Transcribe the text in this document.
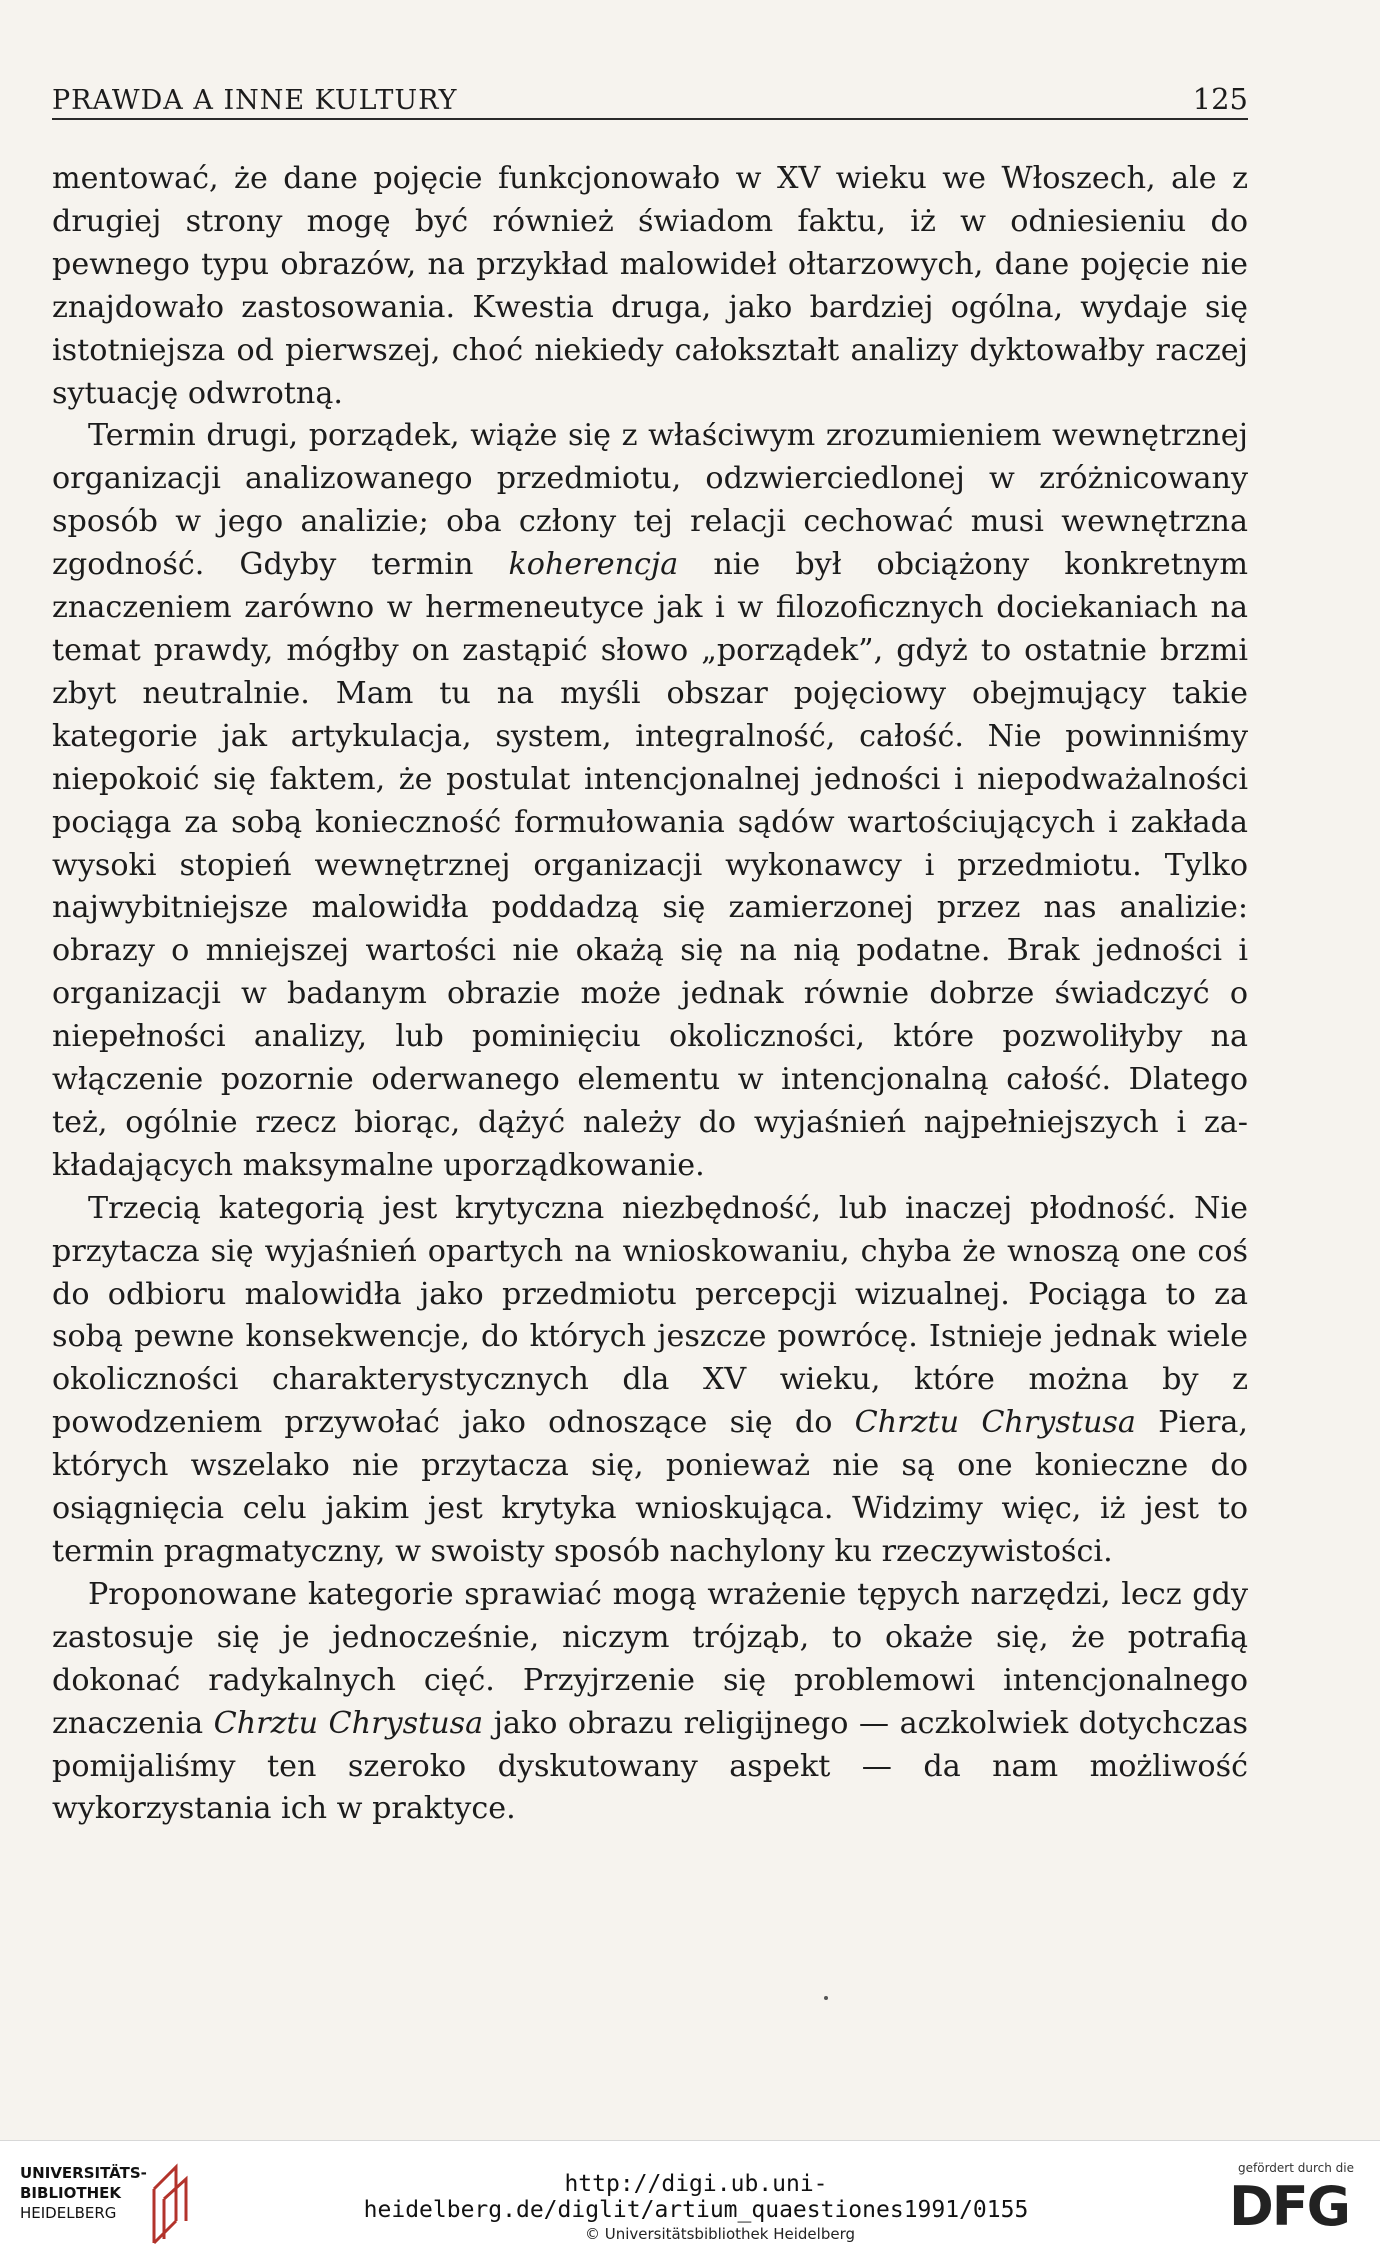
PRAWDA A INNE KULTURY	125

mentować, że dane pojęcie funkcjonowało w XV wieku we Włoszech, ale z drugiej strony mogę być również świadom faktu, iż w odniesieniu do pewnego typu obrazów, na przykład malowideł ołtarzowych, dane pojęcie nie znajdowało zastosowania. Kwestia druga, jako bardziej ogólna, wydaje się istotniejsza od pierwszej, choć niekiedy całokształt analizy dyktowałby raczej sytuację odwrotną.

Termin drugi, porządek, wiąże się z właściwym zrozumieniem wewnętrznej organizacji analizowanego przedmiotu, odzwierciedlonej w zróżnicowany sposób w jego analizie; oba człony tej relacji cechować musi wewnętrzna zgodność. Gdyby termin koherencja nie był obciążony konkretnym znaczeniem zarówno w hermeneutyce jak i w filozoficznych dociekaniach na temat prawdy, mógłby on zastąpić słowo „porządek”, gdyż to ostatnie brzmi zbyt neutralnie. Mam tu na myśli obszar pojęciowy obejmujący takie kategorie jak artykulacja, system, integralność, całość. Nie powinniśmy niepokoić się faktem, że postulat intencjonalnej jedności i niepodważalności pociąga za sobą konieczność formułowania sądów wartościujących i zakłada wysoki stopień wewnętrznej organizacji wykonawcy i przedmiotu. Tylko najwybitniejsze malowidła poddadzą się zamierzonej przez nas analizie: obrazy o mniejszej wartości nie okażą się na nią podatne. Brak jedności i organizacji w badanym obrazie może jednak równie dobrze świadczyć o niepełności analizy, lub pominięciu okoliczności, które pozwoliłyby na włączenie pozornie oderwanego elementu w intencjonalną całość. Dlatego też, ogólnie rzecz biorąc, dążyć należy do wyjaśnień najpełniejszych i zakładających maksymalne uporządkowanie.

Trzecią kategorią jest krytyczna niezbędność, lub inaczej płodność. Nie przytacza się wyjaśnień opartych na wnioskowaniu, chyba że wnoszą one coś do odbioru malowidła jako przedmiotu percepcji wizualnej. Pociąga to za sobą pewne konsekwencje, do których jeszcze powrócę. Istnieje jednak wiele okoliczności charakterystycznych dla XV wieku, które można by z powodzeniem przywołać jako odnoszące się do Chrztu Chrystusa Piera, których wszelako nie przytacza się, ponieważ nie są one konieczne do osiągnięcia celu jakim jest krytyka wnioskująca. Widzimy więc, iż jest to termin pragmatyczny, w swoisty sposób nachylony ku rzeczywistości.

Proponowane kategorie sprawiać mogą wrażenie tępych narzędzi, lecz gdy zastosuje się je jednocześnie, niczym trójząb, to okaże się, że potrafią dokonać radykalnych cięć. Przyjrzenie się problemowi intencjonalnego znaczenia Chrztu Chrystusa jako obrazu religijnego — aczkolwiek dotychczas pomijaliśmy ten szeroko dyskutowany aspekt — da nam możliwość wykorzystania ich w praktyce.

UNIVERSITÄTS-
BIBLIOTHEK
HEIDELBERG
http://digi.ub.uni-heidelberg.de/diglit/artium_quaestiones1991/0155
© Universitätsbibliothek Heidelberg
gefördert durch die
DFG
